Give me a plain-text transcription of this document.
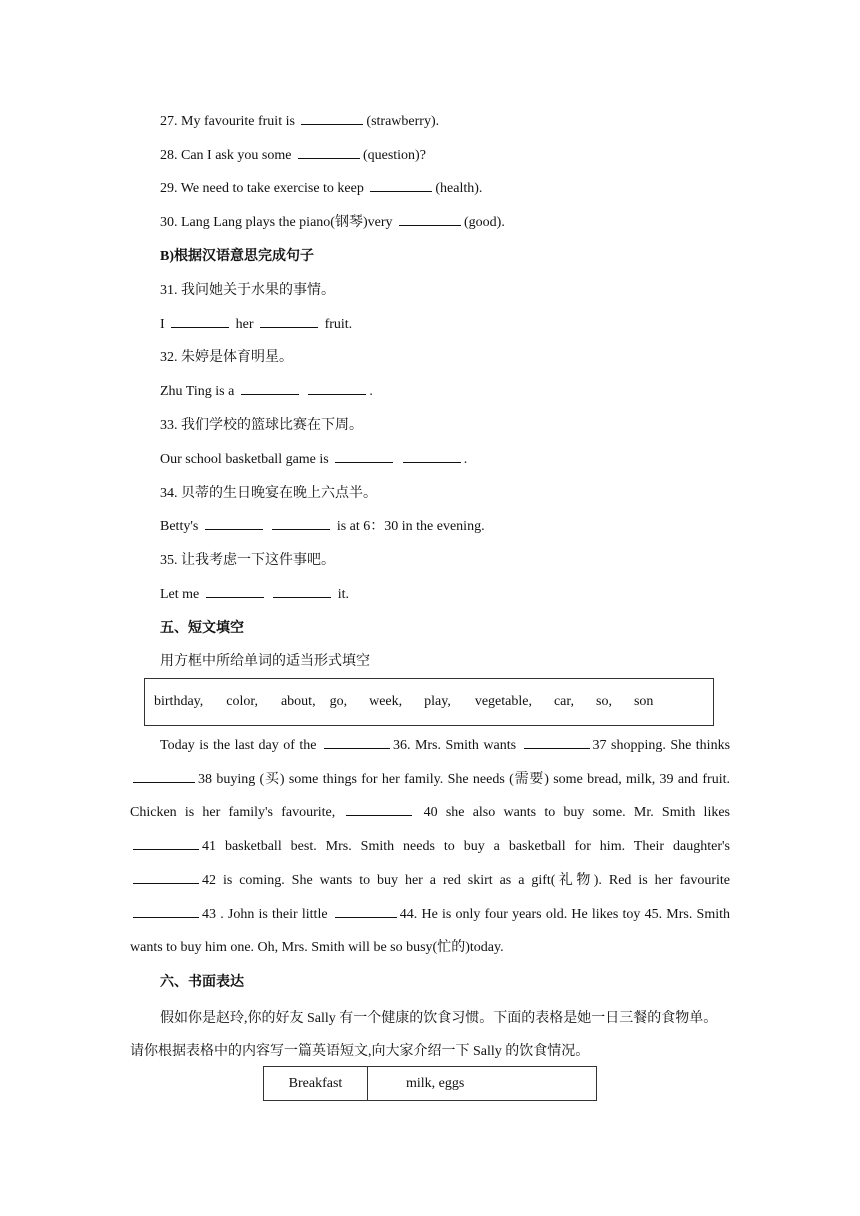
27. My favourite fruit is	(strawberry).
28. Can I ask you some	(question)?
29. We need to take exercise to keep	(health).
30. Lang Lang plays the piano(钢琴)very	(good).
B)根据汉语意思完成句子
31. 我问她关于水果的事情。
I	her	fruit.
32. 朱婷是体育明星。
Zhu Ting is a	.
33. 我们学校的篮球比赛在下周。
Our school basketball game is	.
34. 贝蒂的生日晚宴在晚上六点半。
Betty's	is at 6：30 in the evening.
35. 让我考虑一下这件事吧。
Let me	it.
五、短文填空
用方框中所给单词的适当形式填空
birthday, color, about, go, week, play, vegetable, car, so, son

Today is the last day of the	36. Mrs. Smith wants	37 shopping. She thinks 38 buying (买) some things for her family. She needs (需要) some bread, milk, 39 and fruit. Chicken is her family's favourite,	40 she also wants to buy some. Mr. Smith likes 41 basketball best. Mrs. Smith needs to buy a basketball for him. Their daughter's 42 is coming. She wants to buy her a red skirt as a gift(礼物). Red is her favourite 43 . John is their little	44. He is only four years old. He likes toy 45. Mrs. Smith wants to buy him one. Oh, Mrs. Smith will be so busy(忙的)today.

六、书面表达

假如你是赵玲,你的好友 Sally 有一个健康的饮食习惯。下面的表格是她一日三餐的食物单。请你根据表格中的内容写一篇英语短文,向大家介绍一下 Sally 的饮食情况。

Breakfast	milk, eggs
